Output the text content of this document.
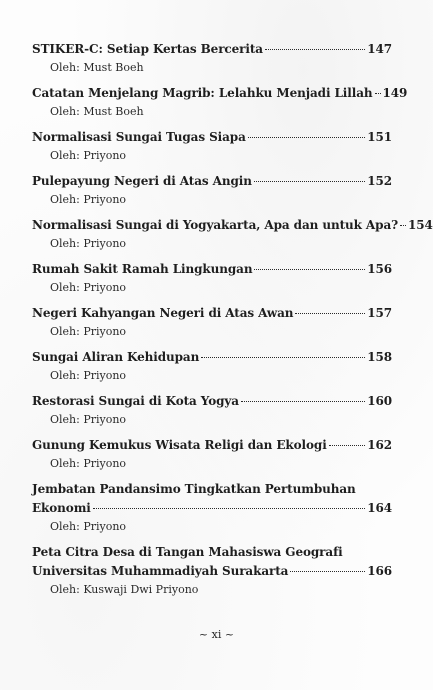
STIKER-C: Setiap Kertas Bercerita	147
Oleh: Must Boeh
Catatan Menjelang Magrib: Lelahku Menjadi Lillah 149
Oleh: Must Boeh
Normalisasi Sungai Tugas Siapa	151
Oleh: Priyono
Pulepayung Negeri di Atas Angin	152
Oleh: Priyono
Normalisasi Sungai di Yogyakarta, Apa dan untuk Apa? 154
Oleh: Priyono
Rumah Sakit Ramah Lingkungan	156
Oleh: Priyono
Negeri Kahyangan Negeri di Atas Awan	157
Oleh: Priyono
Sungai Aliran Kehidupan	158
Oleh: Priyono
Restorasi Sungai di Kota Yogya	160
Oleh: Priyono
Gunung Kemukus Wisata Religi dan Ekologi	162
Oleh: Priyono
Jembatan Pandansimo Tingkatkan Pertumbuhan
Ekonomi	164
Oleh: Priyono
Peta Citra Desa di Tangan Mahasiswa Geografi
Universitas Muhammadiyah Surakarta	166
Oleh: Kuswaji Dwi Priyono
~ xi ~
